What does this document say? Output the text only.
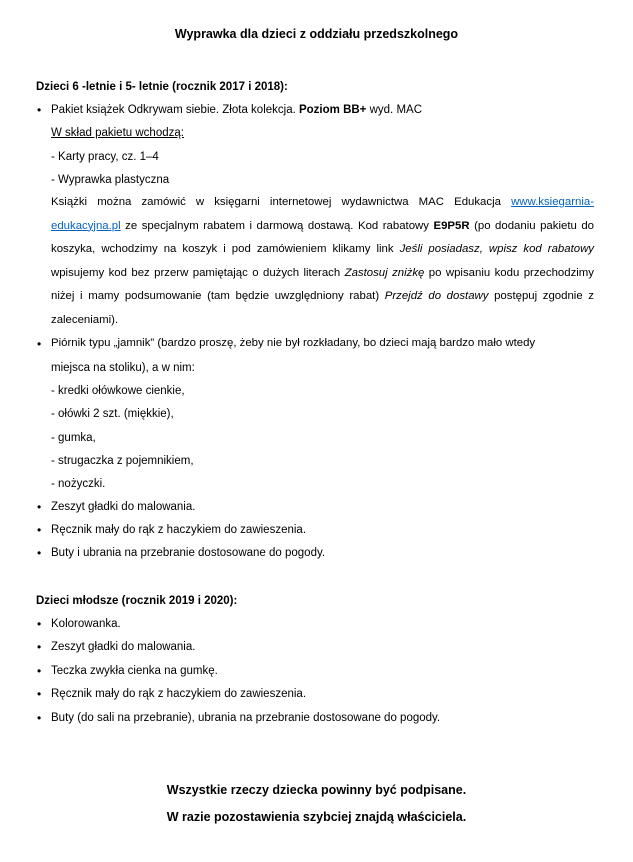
Wyprawka dla dzieci z oddziału przedszkolnego
Dzieci 6 -letnie i 5- letnie (rocznik 2017 i 2018):
•
Pakiet książek Odkrywam siebie. Złota kolekcja. Poziom BB+ wyd. MAC
W skład pakietu wchodzą:
- Karty pracy, cz. 1–4
- Wyprawka plastyczna
Książki można zamówić w księgarni internetowej wydawnictwa MAC Edukacja www.ksiegarnia-edukacyjna.pl ze specjalnym rabatem i darmową dostawą. Kod rabatowy E9P5R (po dodaniu pakietu do koszyka, wchodzimy na koszyk i pod zamówieniem klikamy link Jeśli posiadasz, wpisz kod rabatowy wpisujemy kod bez przerw pamiętając o dużych literach Zastosuj zniżkę po wpisaniu kodu przechodzimy niżej i mamy podsumowanie (tam będzie uwzględniony rabat) Przejdź do dostawy postępuj zgodnie z zaleceniami).
•
Piórnik typu „jamnik” (bardzo proszę, żeby nie był rozkładany, bo dzieci mają bardzo mało wtedy
miejsca na stoliku), a w nim:
- kredki ołówkowe cienkie,
- ołówki 2 szt. (miękkie),
- gumka,
- strugaczka z pojemnikiem,
- nożyczki.
•
Zeszyt gładki do malowania.
•
Ręcznik mały do rąk z haczykiem do zawieszenia.
•
Buty i ubrania na przebranie dostosowane do pogody.
Dzieci młodsze (rocznik 2019 i 2020):
•
Kolorowanka.
•
Zeszyt gładki do malowania.
•
Teczka zwykła cienka na gumkę.
•
Ręcznik mały do rąk z haczykiem do zawieszenia.
•
Buty (do sali na przebranie), ubrania na przebranie dostosowane do pogody.
Wszystkie rzeczy dziecka powinny być podpisane.
W razie pozostawienia szybciej znajdą właściciela.
